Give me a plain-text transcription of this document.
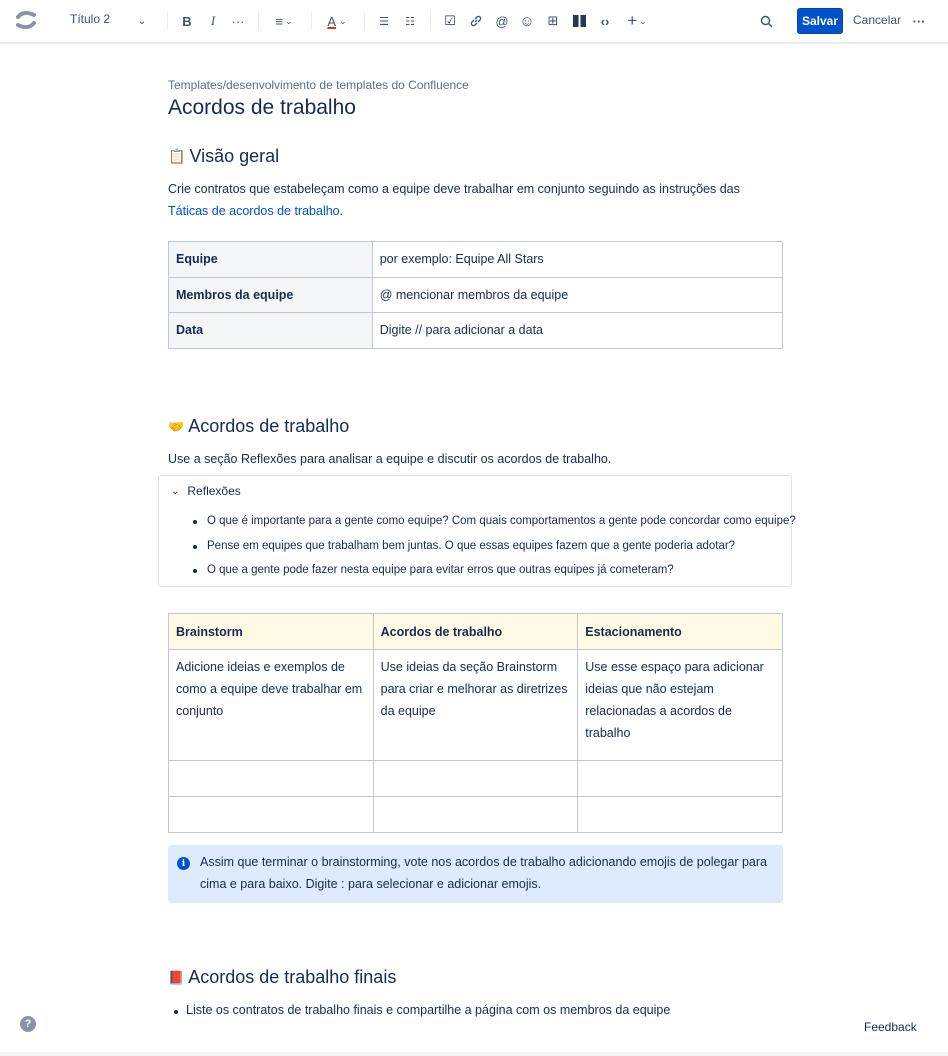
Título 2	⌄	B	I	··· ≡ ⌄	A ⌄	☰ ☷ ☑	@ ☺ ⊞	‹› + ⌄	Salvar	Cancelar ···
Templates/desenvolvimento de templates do Confluence
Acordos de trabalho
📋 Visão geral

Crie contratos que estabeleçam como a equipe deve trabalhar em conjunto seguindo as instruções das Táticas de acordos de trabalho.

Equipe	por exemplo: Equipe All Stars
Membros da equipe	@ mencionar membros da equipe
Data	Digite // para adicionar a data
🤝 Acordos de trabalho

Use a seção Reflexões para analisar a equipe e discutir os acordos de trabalho.

⌄ Reflexões
O que é importante para a gente como equipe? Com quais comportamentos a gente pode concordar como equipe?
Pense em equipes que trabalham bem juntas. O que essas equipes fazem que a gente poderia adotar?
O que a gente pode fazer nesta equipe para evitar erros que outras equipes já cometeram?
Brainstorm	Acordos de trabalho	Estacionamento
Adicione ideias e exemplos de como a equipe deve trabalhar em conjunto	Use ideias da seção Brainstorm para criar e melhorar as diretrizes da equipe	Use esse espaço para adicionar ideias que não estejam relacionadas a acordos de trabalho

i	Assim que terminar o brainstorming, vote nos acordos de trabalho adicionando emojis de polegar para cima e para baixo. Digite : para selecionar e adicionar emojis.
📕 Acordos de trabalho finais
Liste os contratos de trabalho finais e compartilhe a página com os membros da equipe
?	Feedback
